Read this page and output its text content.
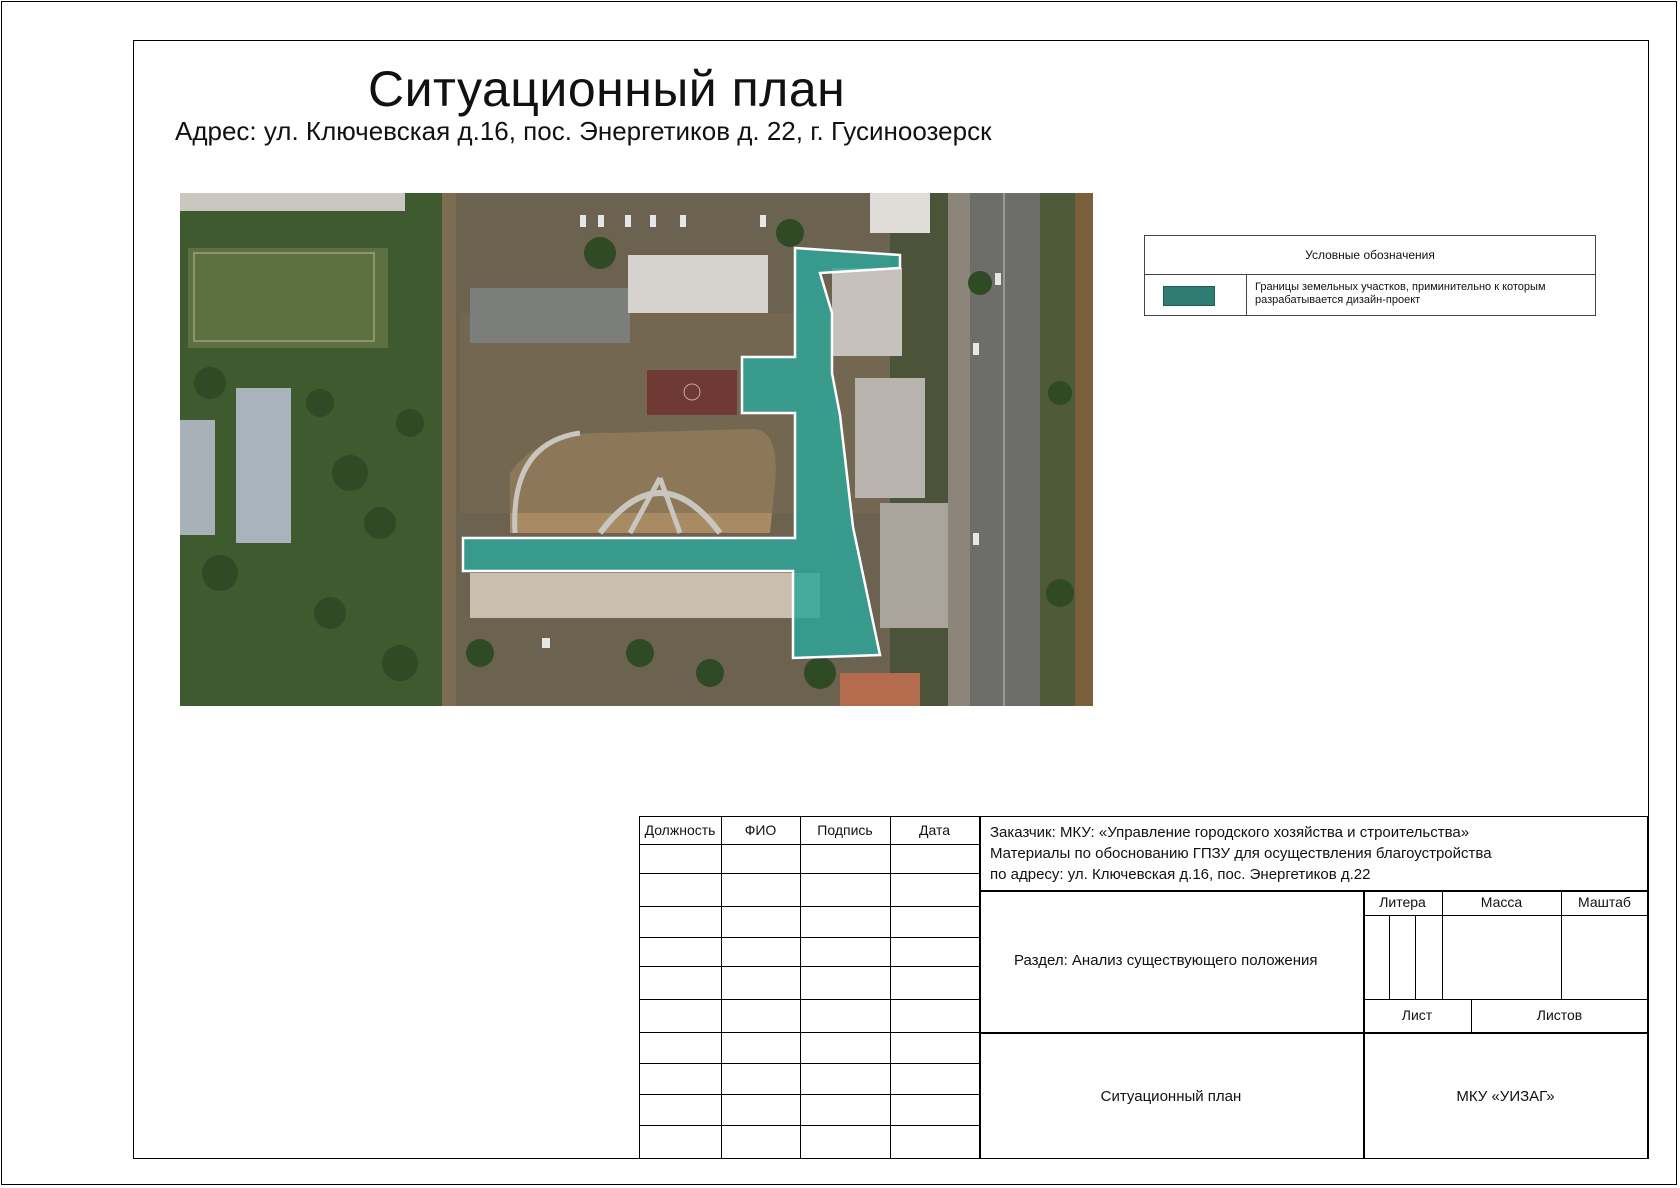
Ситуационный план
Адрес: ул. Ключевская д.16, пос. Энергетиков д. 22, г. Гусиноозерск
Условные обозначения
Границы земельных участков, приминительно к которым разрабатывается дизайн-проект
Должность	ФИО	Подпись	Дата	Заказчик: МКУ: «Управление городского хозяйства и строительства»
Материалы по обоснованию ГПЗУ для осуществления благоустройства
по адресу: ул. Ключевская д.16, пос. Энергетиков д.22
Раздел: Анализ существующего положения
Литера	Масса	Маштаб
Лист	Листов
Ситуационный план	МКУ «УИЗАГ»
